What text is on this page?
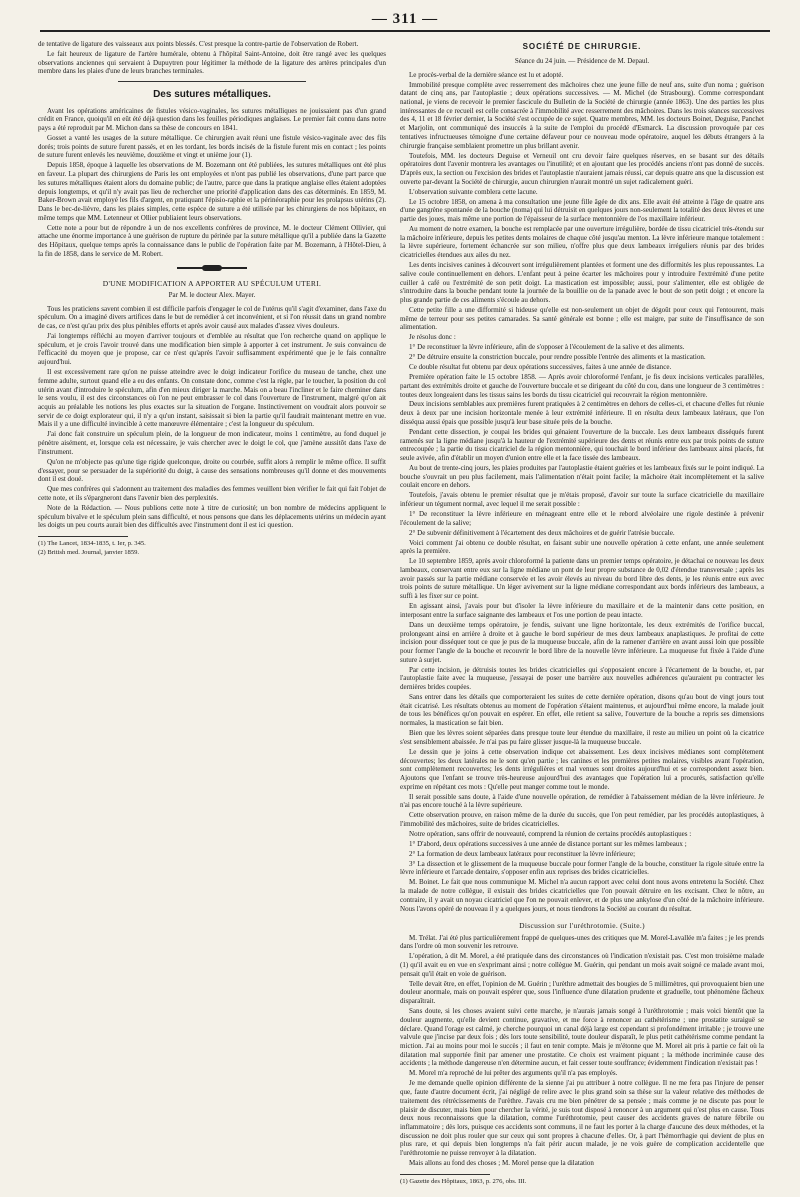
— 311 —

de tentative de ligature des vaisseaux aux points blessés. C'est presque la contre-partie de l'observation de Robert.

Le fait heureux de ligature de l'artère humérale, obtenu à l'hôpital Saint-Antoine, doit être rangé avec les quelques observations anciennes qui servaient à Dupuytren pour légitimer la méthode de la ligature des artères principales d'un membre dans les plaies d'une de leurs branches terminales.

Des sutures métalliques.

Avant les opérations américaines de fistules vésico-vaginales, les sutures métalliques ne jouissaient pas d'un grand crédit en France, quoiqu'il en eût été déjà question dans les feuilles périodiques anglaises. Le premier fait connu dans notre pays a été reproduit par M. Michon dans sa thèse de concours en 1841.

Gosset a vanté les usages de la suture métallique. Ce chirurgien avait réuni une fistule vésico-vaginale avec des fils dorés; trois points de suture furent passés, et en les tordant, les bords incisés de la fistule furent mis en contact ; les points de suture furent enlevés les neuvième, douzième et vingt et unième jour (1).

Depuis 1858, époque à laquelle les observations de M. Bozemann ont été publiées, les sutures métalliques ont été plus en faveur. La plupart des chirurgiens de Paris les ont employées et n'ont pas publié les observations, d'une part parce que les sutures métalliques étaient alors du domaine public; de l'autre, parce que dans la pratique anglaise elles étaient adoptées depuis longtemps, et qu'il n'y avait pas lieu de rechercher une priorité d'application dans des cas déterminés. En 1859, M. Baker-Brown avait employé les fils d'argent, en pratiquant l'épisio-raphie et la périnéoraphie pour les prolapsus utérins (2). Dans le bec-de-lièvre, dans les plaies simples, cette espèce de suture a été utilisée par les chirurgiens de nos hôpitaux, en même temps que MM. Letenneur et Ollier publiaient leurs observations.

Cette note a pour but de répondre à un de nos excellents confrères de province, M. le docteur Clément Ollivier, qui attache une énorme importance à une guérison de rupture du périnée par la suture métallique qu'il a publiée dans la Gazette des Hôpitaux, quelque temps après la connaissance dans le public de l'opération faite par M. Bozemann, à l'Hôtel-Dieu, à la fin de 1858, dans le service de M. Robert.

D'UNE MODIFICATION A APPORTER AU SPÉCULUM UTERI.
Par M. le docteur Alex. Mayer.

Tous les praticiens savent combien il est difficile parfois d'engager le col de l'utérus qu'il s'agit d'examiner, dans l'axe du spéculum. On a imaginé divers artifices dans le but de remédier à cet inconvénient, et si l'on réussit dans un grand nombre de cas, ce n'est qu'au prix des plus pénibles efforts et après avoir causé aux malades d'assez vives douleurs.

J'ai longtemps réfléchi au moyen d'arriver toujours et d'emblée au résultat que l'on recherche quand on applique le spéculum, et je crois l'avoir trouvé dans une modification bien simple à apporter à cet instrument. Je suis convaincu de l'efficacité du moyen que je propose, car ce n'est qu'après l'avoir suffisamment expérimenté que je le fais connaître aujourd'hui.

Il est excessivement rare qu'on ne puisse atteindre avec le doigt indicateur l'orifice du museau de tanche, chez une femme adulte, surtout quand elle a eu des enfants. On constate donc, comme c'est la règle, par le toucher, la position du col utérin avant d'introduire le spéculum, afin d'en mieux diriger la marche. Mais on a beau l'incliner et le faire cheminer dans le sens voulu, il est des circonstances où l'on ne peut embrasser le col dans l'ouverture de l'instrument, malgré qu'on ait acquis au préalable les notions les plus exactes sur la situation de l'organe. Instinctivement on voudrait alors pouvoir se servir de ce doigt explorateur qui, il n'y a qu'un instant, saisissait si bien la partie qu'il faudrait maintenant mettre en vue. Mais il y a une difficulté invincible à cette manœuvre élémentaire ; c'est la longueur du spéculum.

J'ai donc fait construire un spéculum plein, de la longueur de mon indicateur, moins 1 centimètre, au fond duquel je pénètre aisément, et, lorsque cela est nécessaire, je vais chercher avec le doigt le col, que j'amène aussitôt dans l'axe de l'instrument.

Qu'on ne m'objecte pas qu'une tige rigide quelconque, droite ou courbée, suffit alors à remplir le même office. Il suffit d'essayer, pour se persuader de la supériorité du doigt, à cause des sensations nombreuses qu'il donne et des mouvements dont il est doué.

Que mes confrères qui s'adonnent au traitement des maladies des femmes veuillent bien vérifier le fait qui fait l'objet de cette note, et ils s'épargneront dans l'avenir bien des perplexités.

Note de la Rédaction. — Nous publions cette note à titre de curiosité; un bon nombre de médecins appliquent le spéculum bivalve et le spéculum plein sans difficulté, et nous pensons que dans les déplacements utérins un médecin ayant les doigts un peu courts aurait bien des difficultés avec l'instrument dont il est ici question.

(1) The Lancet, 1834-1835, t. Ier, p. 345.

(2) British med. Journal, janvier 1859.

SOCIÉTÉ DE CHIRURGIE.
Séance du 24 juin. — Présidence de M. Depaul.

Le procès-verbal de la dernière séance est lu et adopté.

Immobilité presque complète avec resserrement des mâchoires chez une jeune fille de neuf ans, suite d'un noma ; guérison datant de cinq ans, par l'autoplastie ; deux opérations successives. — M. Michel (de Strasbourg). Comme correspondant national, je viens de recevoir le premier fascicule du Bulletin de la Société de chirurgie (année 1863). Une des parties les plus intéressantes de ce recueil est celle consacrée à l'immobilité avec resserrement des mâchoires. Dans les trois séances successives des 4, 11 et 18 février dernier, la Société s'est occupée de ce sujet. Quatre membres, MM. les docteurs Boinet, Deguise, Panchet et Marjolin, ont communiqué des insuccès à la suite de l'emploi du procédé d'Esmarck. La discussion provoquée par ces tentatives infructueuses témoigne d'une certaine défaveur pour ce nouveau mode opératoire, auquel les débuts étrangers à la chirurgie française semblaient promettre un plus brillant avenir.

Toutefois, MM. les docteurs Deguise et Verneuil ont cru devoir faire quelques réserves, en se basant sur des détails opératoires dont l'avenir montrera les avantages ou l'inutilité; et en ajoutant que les procédés anciens n'ont pas donné de succès. D'après eux, la section ou l'excision des brides et l'autoplastie n'auraient jamais réussi, car depuis quatre ans que la discussion est ouverte par-devant la Société de chirurgie, aucun chirurgien n'aurait montré un sujet radicalement guéri.

L'observation suivante comblera cette lacune.

Le 15 octobre 1858, on amena à ma consultation une jeune fille âgée de dix ans. Elle avait été atteinte à l'âge de quatre ans d'une gangrène spontanée de la bouche (noma) qui lui détruisit en quelques jours non-seulement la totalité des deux lèvres et une partie des joues, mais même une portion de l'épaisseur de la surface mentonnière de l'os maxillaire inférieur.

Au moment de notre examen, la bouche est remplacée par une ouverture irrégulière, bordée de tissu cicatriciel très-étendu sur la mâchoire inférieure, depuis les petites dents molaires de chaque côté jusqu'au menton. La lèvre inférieure manque totalement : la lèvre supérieure, fortement échancrée sur son milieu, n'offre plus que deux lambeaux irréguliers réunis par des brides cicatricielles étendues aux ailes du nez.

Les dents incisives canines à découvert sont irrégulièrement plantées et forment une des difformités les plus repoussantes. La salive coule continuellement en dehors. L'enfant peut à peine écarter les mâchoires pour y introduire l'extrémité d'une petite cuiller à café ou l'extrémité de son petit doigt. La mastication est impossible; aussi, pour s'alimenter, elle est obligée de s'introduire dans la bouche pendant toute la journée de la bouillie ou de la panade avec le bout de son petit doigt ; et encore la plus grande partie de ces aliments s'écoule au dehors.

Cette petite fille a une difformité si hideuse qu'elle est non-seulement un objet de dégoût pour ceux qui l'entourent, mais même de terreur pour ses petites camarades. Sa santé générale est bonne ; elle est maigre, par suite de l'insuffisance de son alimentation.

Je résolus donc :

1° De reconstituer la lèvre inférieure, afin de s'opposer à l'écoulement de la salive et des aliments.

2° De détruire ensuite la constriction buccale, pour rendre possible l'entrée des aliments et la mastication.

Ce double résultat fut obtenu par deux opérations successives, faites à une année de distance.

Première opération faite le 15 octobre 1858. — Après avoir chloroformé l'enfant, je fis deux incisions verticales parallèles, partant des extrémités droite et gauche de l'ouverture buccale et se dirigeant du côté du cou, dans une longueur de 3 centimètres : toutes deux longeaient dans les tissus sains les bords du tissu cicatriciel qui recouvrait la région mentonnière.

Deux incisions semblables aux premières furent pratiquées à 2 centimètres en dehors de celles-ci, et chacune d'elles fut réunie deux à deux par une incision horizontale menée à leur extrémité inférieure. Il en résulta deux lambeaux latéraux, que l'on disséqua aussi épais que possible jusqu'à leur base située près de la bouche.

Pendant cette dissection, je coupai les brides qui génaient l'ouverture de la buccale. Les deux lambeaux disséqués furent ramenés sur la ligne médiane jusqu'à la hauteur de l'extrémité supérieure des dents et réunis entre eux par trois points de suture entrecoupée ; la partie du tissu cicatriciel de la région mentonnière, qui touchait le bord inférieur des lambeaux ainsi placés, fut seule avivée, afin d'établir un moyen d'union entre elle et la face tissée des lambeaux.

Au bout de trente-cinq jours, les plaies produites par l'autoplastie étaient guéries et les lambeaux fixés sur le point indiqué. La bouche s'ouvrait un peu plus facilement, mais l'alimentation n'était point facile; la mâchoire était incomplètement et la salive coulait encore en dehors.

Toutefois, j'avais obtenu le premier résultat que je m'étais proposé, d'avoir sur toute la surface cicatricielle du maxillaire inférieur un tégument normal, avec lequel il me serait possible :

1° De reconstituer la lèvre inférieure en ménageant entre elle et le rebord alvéolaire une rigole destinée à prévenir l'écoulement de la salive;

2° De subvenir définitivement à l'écartement des deux mâchoires et de guérir l'atrésie buccale.

Voici comment j'ai obtenu ce double résultat, en faisant subir une nouvelle opération à cette enfant, une année seulement après la première.

Le 10 septembre 1859, après avoir chloroformé la patiente dans un premier temps opératoire, je détachai ce nouveau les deux lambeaux, conservant entre eux sur la ligne médiane un pont de leur propre substance de 0,02 d'étendue transversale ; après les avoir passés sur la partie médiane conservée et les avoir élevés au niveau du bord libre des dents, je les réunis entre eux avec trois points de suture métallique. Un léger avivement sur la ligne médiane correspondant aux bords inférieurs des lambeaux, a suffi à les fixer sur ce point.

En agissant ainsi, j'avais pour but d'isoler la lèvre inférieure du maxillaire et de la maintenir dans cette position, en interposant entre la surface saignante des lambeaux et l'os une portion de peau intacte.

Dans un deuxième temps opératoire, je fendis, suivant une ligne horizontale, les deux extrémités de l'orifice buccal, prolongeant ainsi en arrière à droite et à gauche le bord supérieur de mes deux lambeaux anaplastiques. Je profitai de cette incision pour disséquer tout ce que je pus de la muqueuse buccale, afin de la ramener d'arrière en avant aussi loin que possible pour former l'angle de la bouche et recouvrir le bord libre de la nouvelle lèvre inférieure. La muqueuse fut fixée à l'aide d'une suture à surjet.

Par cette incision, je détruisis toutes les brides cicatricielles qui s'opposaient encore à l'écartement de la bouche, et, par l'autoplastie faite avec la muqueuse, j'essayai de poser une barrière aux nouvelles adhérences qu'auraient pu contracter les dernières brides coupées.

Sans entrer dans les détails que comporteraient les suites de cette dernière opération, disons qu'au bout de vingt jours tout était cicatrisé. Les résultats obtenus au moment de l'opération s'étaient maintenus, et aujourd'hui même encore, la malade jouit de tous les bénéfices qu'on pouvait en espérer. En effet, elle retient sa salive, l'ouverture de la bouche a repris ses dimensions normales, la mastication se fait bien.

Bien que les lèvres soient séparées dans presque toute leur étendue du maxillaire, il reste au milieu un point où la cicatrice s'est sensiblement abaissée. Je n'ai pas pu faire glisser jusque-là la muqueuse buccale.

Le dessin que je joins à cette observation indique cet abaissement. Les deux incisives médianes sont complètement découvertes; les deux latérales ne le sont qu'en partie ; les canines et les premières petites molaires, visibles avant l'opération, sont complètement recouvertes; les dents irrégulières et mal venues sont droites aujourd'hui et se correspondent assez bien. Ajoutons que l'enfant se trouve très-heureuse aujourd'hui des avantages que l'opération lui a procurés, satisfaction qu'elle exprime en répétant ces mots : Qu'elle peut manger comme tout le monde.

Il serait possible sans doute, à l'aide d'une nouvelle opération, de remédier à l'abaissement médian de la lèvre inférieure. Je n'ai pas encore touché à la lèvre supérieure.

Cette observation prouve, en raison même de la durée du succès, que l'on peut remédier, par les procédés autoplastiques, à l'immobilité des mâchoires, suite de brides cicatricielles.

Notre opération, sans offrir de nouveauté, comprend la réunion de certains procédés autoplastiques :

1° D'abord, deux opérations successives à une année de distance portant sur les mêmes lambeaux ;

2° La formation de deux lambeaux latéraux pour reconstituer la lèvre inférieure;

3° La dissection et le glissement de la muqueuse buccale pour former l'angle de la bouche, constituer la rigole située entre la lèvre inférieure et l'arcade dentaire, s'opposer enfin aux reprises des brides cicatricielles.

M. Boinet. Le fait que nous communique M. Michel n'a aucun rapport avec celui dont nous avons entretenu la Société. Chez la malade de notre collègue, il existait des brides cicatricielles que l'on pouvait détruire en les excisant. Chez le nôtre, au contraire, il y avait un noyau cicatriciel que l'on ne pouvait enlever, et de plus une ankylose d'un côté de la mâchoire inférieure. Nous l'avons opéré de nouveau il y a quelques jours, et nous tiendrons la Société au courant du résultat.

Discussion sur l'uréthrotomie. (Suite.)

M. Trélat. J'ai été plus particulièrement frappé de quelques-unes des critiques que M. Morel-Lavallée m'a faites ; je les prends dans l'ordre où mon souvenir les retrouve.

L'opération, à dit M. Morel, a été pratiquée dans des circonstances où l'indication n'existait pas. C'est mon troisième malade (1) qu'il avait eu en vue en s'exprimant ainsi ; notre collègue M. Guérin, qui pendant un mois avait soigné ce malade avant moi, pensait qu'il était en voie de guérison.

Telle devait être, en effet, l'opinion de M. Guérin ; l'urèthre admettait des bougies de 5 millimètres, qui provoquaient bien une douleur anormale, mais on pouvait espérer que, sous l'influence d'une dilatation prudente et graduelle, tout phénomène fâcheux disparaîtrait.

Sans doute, si les choses avaient suivi cette marche, je n'aurais jamais songé à l'uréthrotomie ; mais voici bientôt que la douleur augmente, qu'elle devient continue, gravative, et me force à renoncer au cathétérisme ; une prostatite suraiguë se déclare. Quand l'orage est calmé, je cherche pourquoi un canal déjà large est cependant si profondément irritable ; je trouve une valvule que j'incise par deux fois ; dès lors toute sensibilité, toute douleur disparaît, le plus petit cathétérisme comme pendant la miction. J'ai au moins pour moi le succès ; il faut en tenir compte. Mais je m'étonne que M. Morel ait pris à partie ce fait où la dilatation mal supportée finit par amener une prostatite. Ce choix est vraiment piquant ; la méthode incriminée cause des accidents ; la méthode dangereuse n'en détermine aucun, et fait cesser toute souffrance; évidemment l'indication n'existait pas !

M. Morel m'a reproché de lui prêter des arguments qu'il n'a pas employés.

Je me demande quelle opinion différente de la sienne j'ai pu attribuer à notre collègue. Il ne me fera pas l'injure de penser que, faute d'autre document écrit, j'ai négligé de relire avec le plus grand soin sa thèse sur la valeur relative des méthodes de traitement des rétrécissements de l'urèthre. J'avais cru me bien pénétrer de sa pensée ; mais comme je ne discute pas pour le plaisir de discuter, mais bien pour chercher la vérité, je suis tout disposé à renoncer à un argument qui n'est plus en cause. Tous deux nous reconnaissons que la dilatation, comme l'uréthrotomie, peut causer des accidents graves de nature fébrile ou inflammatoire ; dès lors, puisque ces accidents sont communs, il ne faut les porter à la charge d'aucune des deux méthodes, et la discussion ne doit plus rouler que sur ceux qui sont propres à chacune d'elles. Or, à part l'hémorrhagie qui devient de plus en plus rare, et qui depuis bien longtemps n'a fait périr aucun malade, je ne vois guère de complication accidentelle que l'uréthrotomie ne puisse renvoyer à la dilatation.

Mais allons au fond des choses ; M. Morel pense que la dilatation

(1) Gazette des Hôpitaux, 1863, p. 276, obs. III.
